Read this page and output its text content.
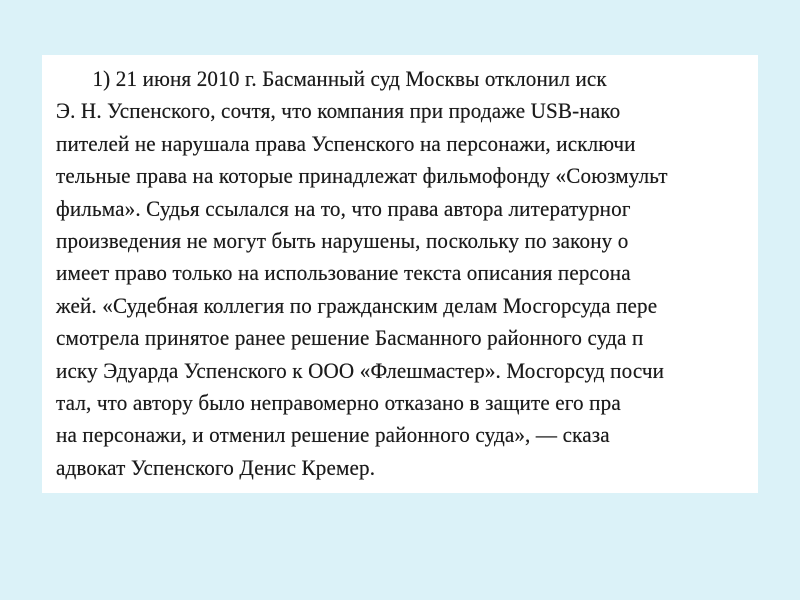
1) 21 июня 2010 г. Басманный суд Москвы отклонил иск
Э. Н. Успенского, сочтя, что компания при продаже USB-нако
пителей не нарушала права Успенского на персонажи, исключи
тельные права на которые принадлежат фильмофонду «Союзмульт
фильма». Судья ссылался на то, что права автора литературног
произведения не могут быть нарушены, поскольку по закону о
имеет право только на использование текста описания персона
жей. «Судебная коллегия по гражданским делам Мосгорсуда пере
смотрела принятое ранее решение Басманного районного суда п
иску Эдуарда Успенского к ООО «Флешмастер». Мосгорсуд посчи
тал, что автору было неправомерно отказано в защите его пра
на персонажи, и отменил решение районного суда», — сказа
адвокат Успенского Денис Кремер.
